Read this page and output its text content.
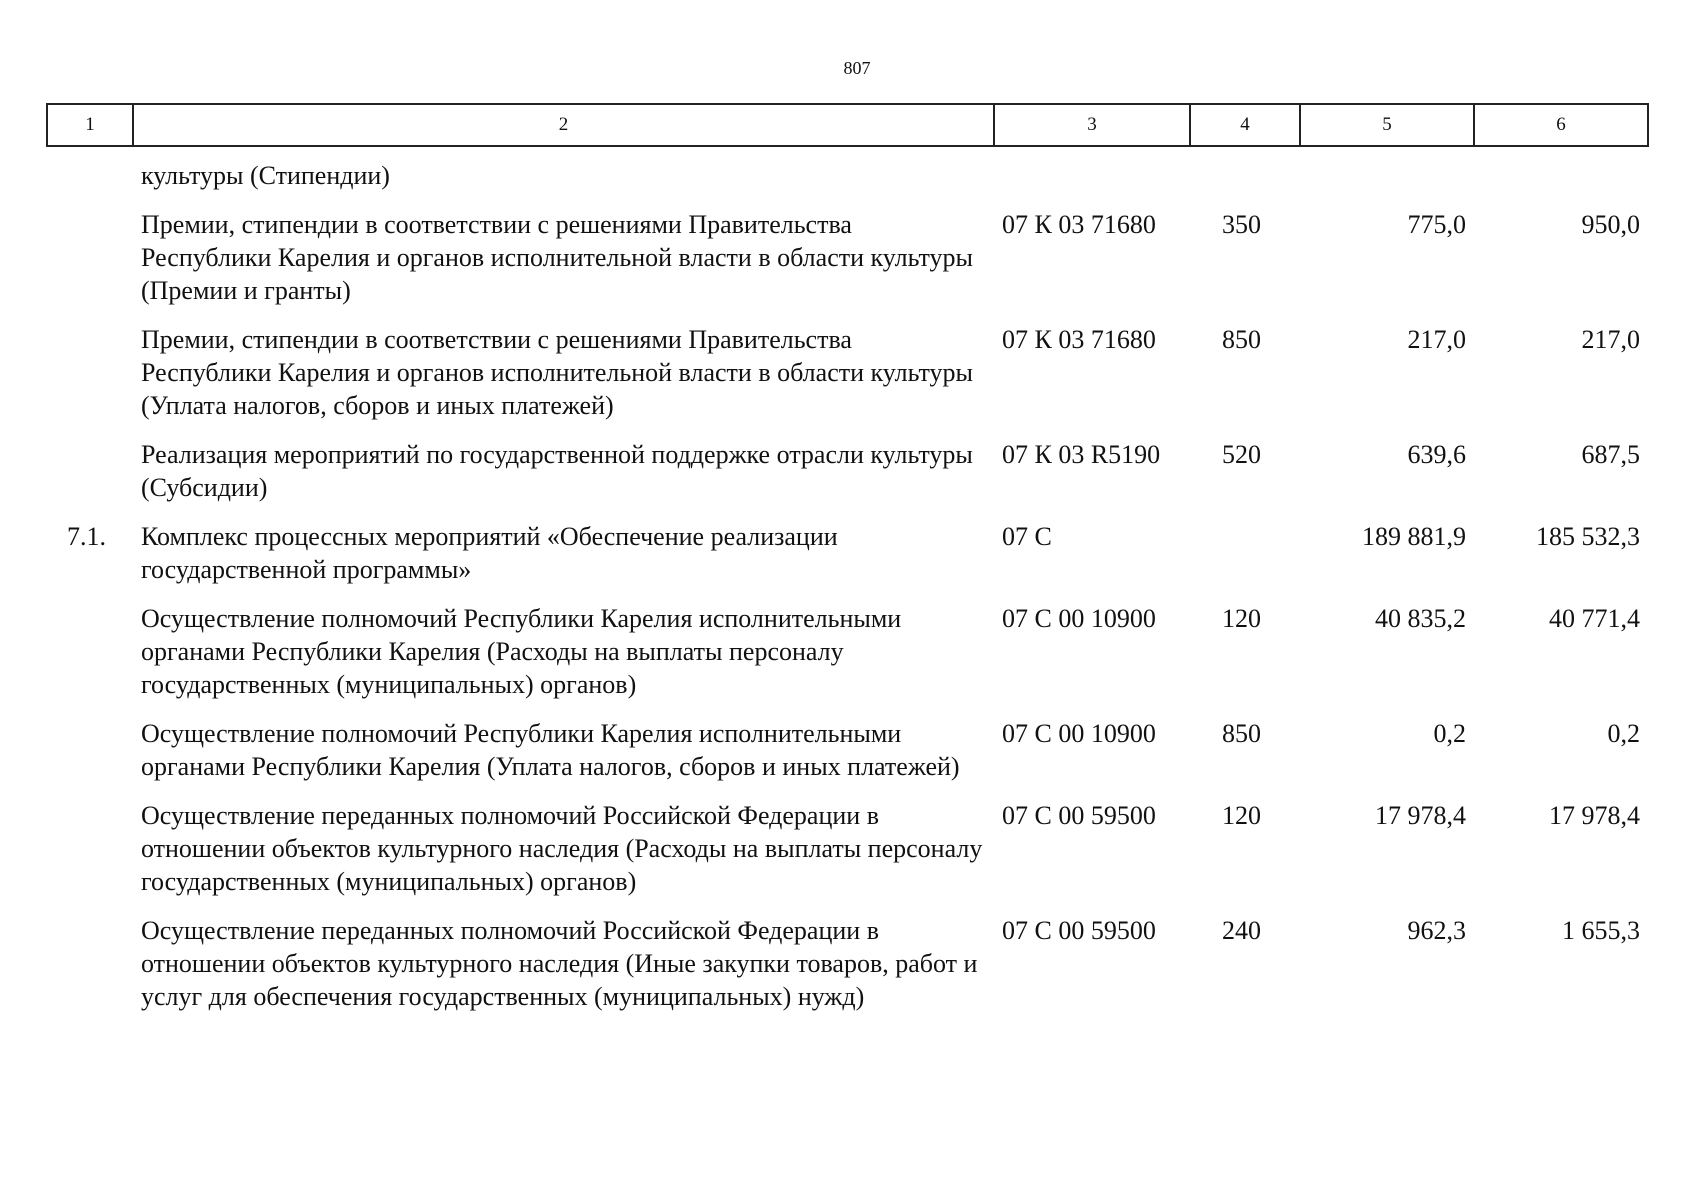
807
1	2	3	4	5	6
	культуры (Стипендии)				
	Премии, стипендии в соответствии с решениями Правительства Республики Карелия и органов исполнительной власти в области культуры (Премии и гранты)	07 К 03 71680	350	775,0	950,0
	Премии, стипендии в соответствии с решениями Правительства Республики Карелия и органов исполнительной власти в области культуры (Уплата налогов, сборов и иных платежей)	07 К 03 71680	850	217,0	217,0
	Реализация мероприятий по государственной поддержке отрасли культуры (Субсидии)	07 К 03 R5190	520	639,6	687,5
7.1.	Комплекс процессных мероприятий «Обеспечение реализации государственной программы»	07 С		189 881,9	185 532,3
	Осуществление полномочий Республики Карелия исполнительными органами Республики Карелия (Расходы на выплаты персоналу государственных (муниципальных) органов)	07 С 00 10900	120	40 835,2	40 771,4
	Осуществление полномочий Республики Карелия исполнительными органами Республики Карелия (Уплата налогов, сборов и иных платежей)	07 С 00 10900	850	0,2	0,2
	Осуществление переданных полномочий Российской Федерации в отношении объектов культурного наследия (Расходы на выплаты персоналу государственных (муниципальных) органов)	07 С 00 59500	120	17 978,4	17 978,4
	Осуществление переданных полномочий Российской Федерации в отношении объектов культурного наследия (Иные закупки товаров, работ и услуг для обеспечения государственных (муниципальных) нужд)	07 С 00 59500	240	962,3	1 655,3
